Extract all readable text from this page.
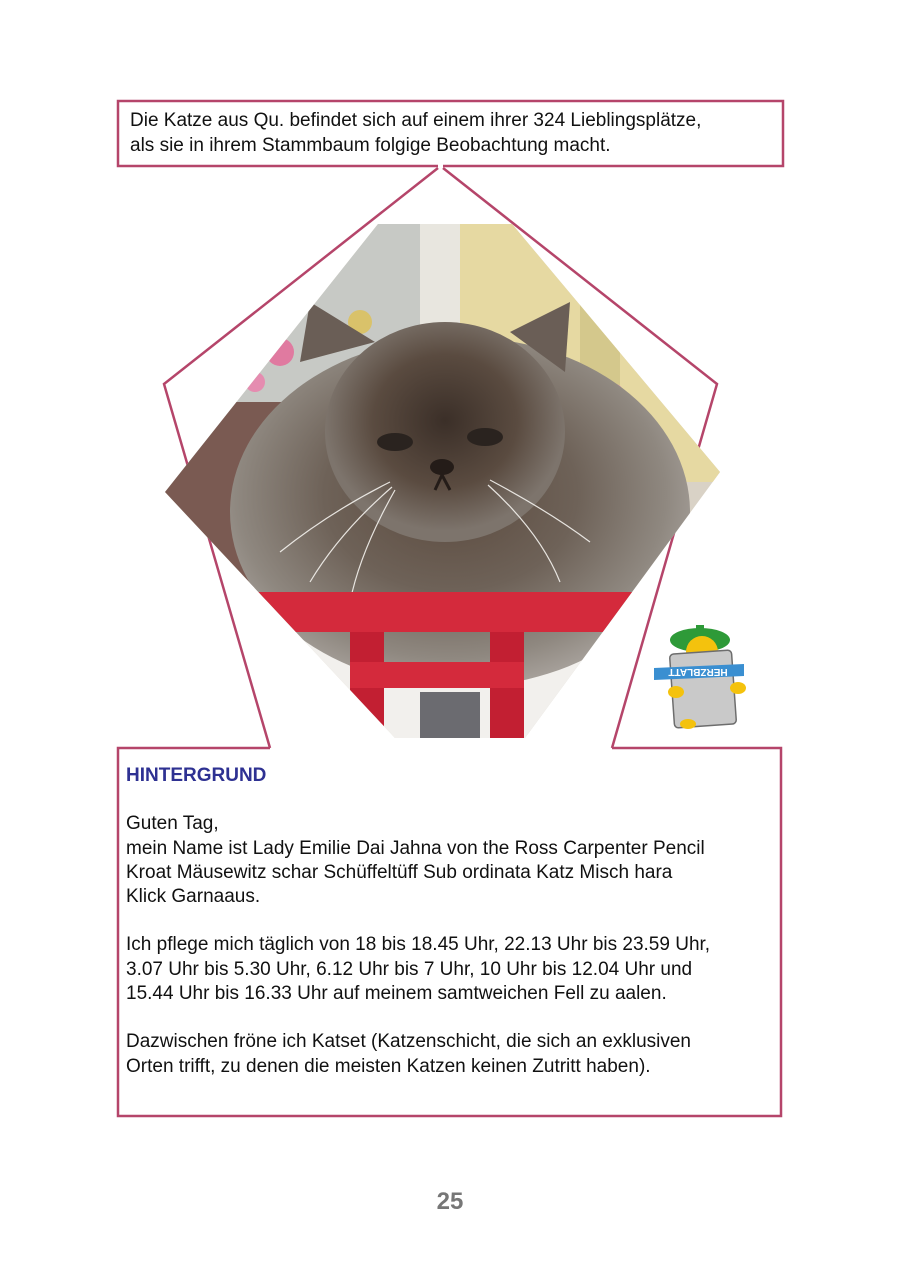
Die Katze aus Qu. befindet sich auf einem ihrer 324 Lieblingsplätze,
als sie in ihrem Stammbaum folgige Beobachtung macht.
HERZBLATT
HINTERGRUND

Guten Tag,
mein Name ist Lady Emilie Dai Jahna von the Ross Carpenter Pencil
Kroat Mäusewitz schar Schüffeltüff Sub ordinata Katz Misch hara
Klick Garnaaus.

Ich pflege mich täglich von 18 bis 18.45 Uhr, 22.13 Uhr bis 23.59 Uhr,
3.07 Uhr bis 5.30 Uhr, 6.12 Uhr bis 7 Uhr, 10 Uhr bis 12.04 Uhr und
15.44 Uhr bis 16.33 Uhr auf meinem samtweichen Fell zu aalen.

Dazwischen fröne ich Katset (Katzenschicht, die sich an exklusiven
Orten trifft, zu denen die meisten Katzen keinen Zutritt haben).

25
